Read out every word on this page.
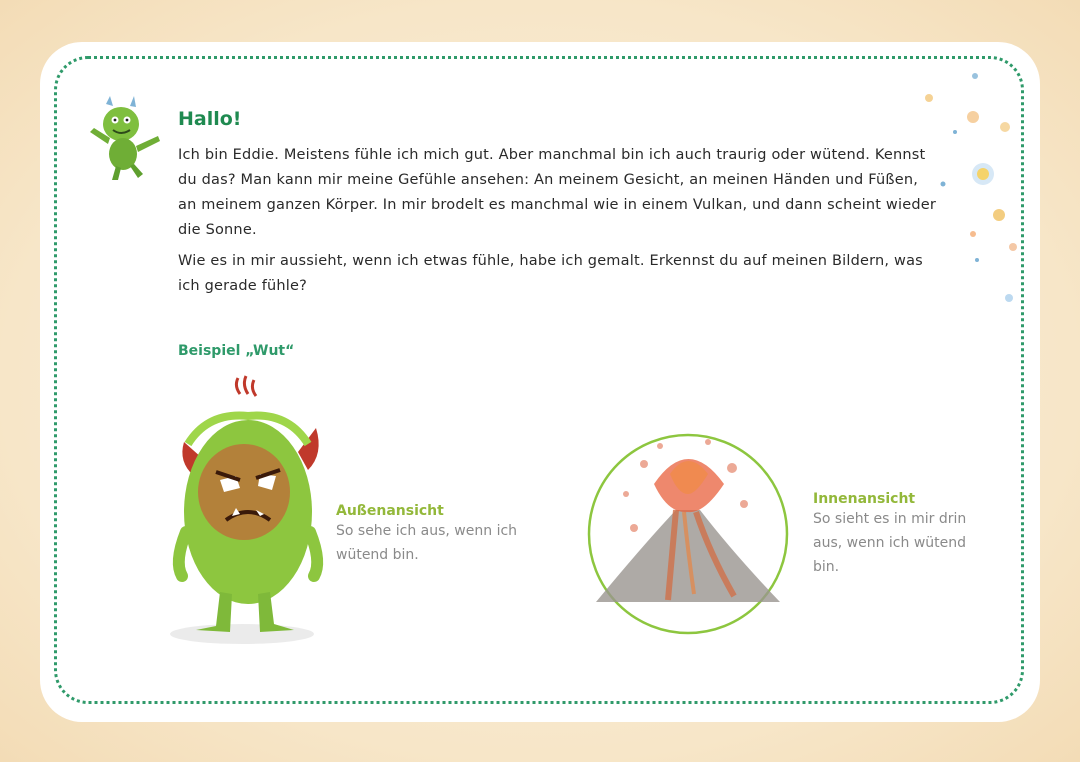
Hallo!
Ich bin Eddie. Meistens fühle ich mich gut. Aber manchmal bin ich auch traurig oder wütend. Kennst du das? Man kann mir meine Gefühle ansehen: An meinem Gesicht, an meinen Händen und Füßen, an meinem ganzen Körper. In mir brodelt es manchmal wie in einem Vulkan, und dann scheint wieder die Sonne.
Wie es in mir aussieht, wenn ich etwas fühle, habe ich gemalt. Erkennst du auf meinen Bildern, was ich gerade fühle?
Beispiel „Wut“
Außenansicht
So sehe ich aus, wenn ich wütend bin.
Innenansicht
So sieht es in mir drin aus, wenn ich wütend bin.
